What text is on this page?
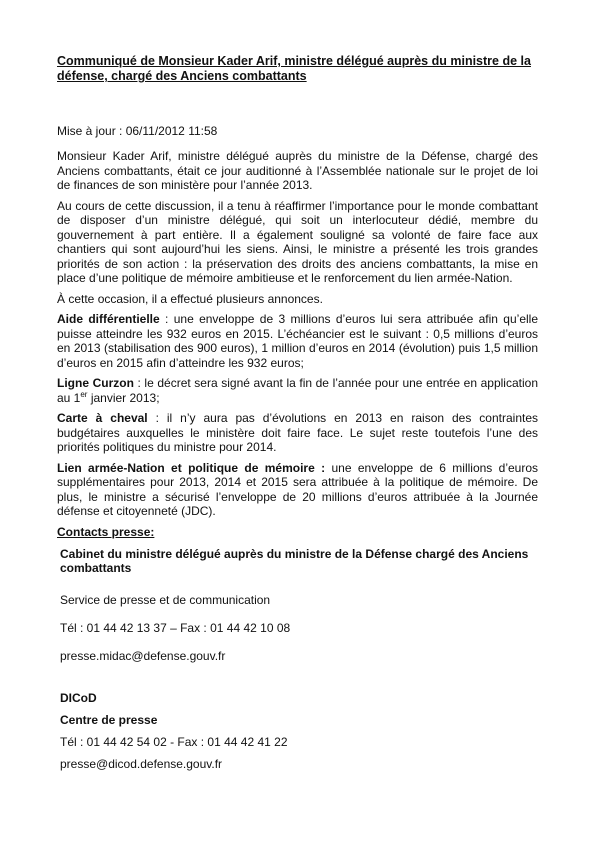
Communiqué de Monsieur Kader Arif, ministre délégué auprès du ministre de la défense, chargé des Anciens combattants

Mise à jour : 06/11/2012 11:58

Monsieur Kader Arif, ministre délégué auprès du ministre de la Défense, chargé des Anciens combattants, était ce jour auditionné à l’Assemblée nationale sur le projet de loi de finances de son ministère pour l’année 2013.

Au cours de cette discussion, il a tenu à réaffirmer l’importance pour le monde combattant de disposer d’un ministre délégué, qui soit un interlocuteur dédié, membre du gouvernement à part entière. Il a également souligné sa volonté de faire face aux chantiers qui sont aujourd’hui les siens. Ainsi, le ministre a présenté les trois grandes priorités de son action : la préservation des droits des anciens combattants, la mise en place d’une politique de mémoire ambitieuse et le renforcement du lien armée-Nation.

À cette occasion, il a effectué plusieurs annonces.

Aide différentielle : une enveloppe de 3 millions d’euros lui sera attribuée afin qu’elle puisse atteindre les 932 euros en 2015. L’échéancier est le suivant : 0,5 millions d’euros en 2013 (stabilisation des 900 euros), 1 million d’euros en 2014 (évolution) puis 1,5 million d’euros en 2015 afin d’atteindre les 932 euros;

Ligne Curzon : le décret sera signé avant la fin de l’année pour une entrée en application au 1er janvier 2013;

Carte à cheval : il n’y aura pas d’évolutions en 2013 en raison des contraintes budgétaires auxquelles le ministère doit faire face. Le sujet reste toutefois l’une des priorités politiques du ministre pour 2014.

Lien armée-Nation et politique de mémoire : une enveloppe de 6 millions d’euros supplémentaires pour 2013, 2014 et 2015 sera attribuée à la politique de mémoire. De plus, le ministre a sécurisé l’enveloppe de 20 millions d’euros attribuée à la Journée défense et citoyenneté (JDC).

Contacts presse:

Cabinet du ministre délégué auprès du ministre de la Défense chargé des Anciens combattants

Service de presse et de communication

Tél : 01 44 42 13 37 – Fax : 01 44 42 10 08

presse.midac@defense.gouv.fr

DICoD
Centre de presse
Tél : 01 44 42 54 02 - Fax : 01 44 42 41 22
presse@dicod.defense.gouv.fr
